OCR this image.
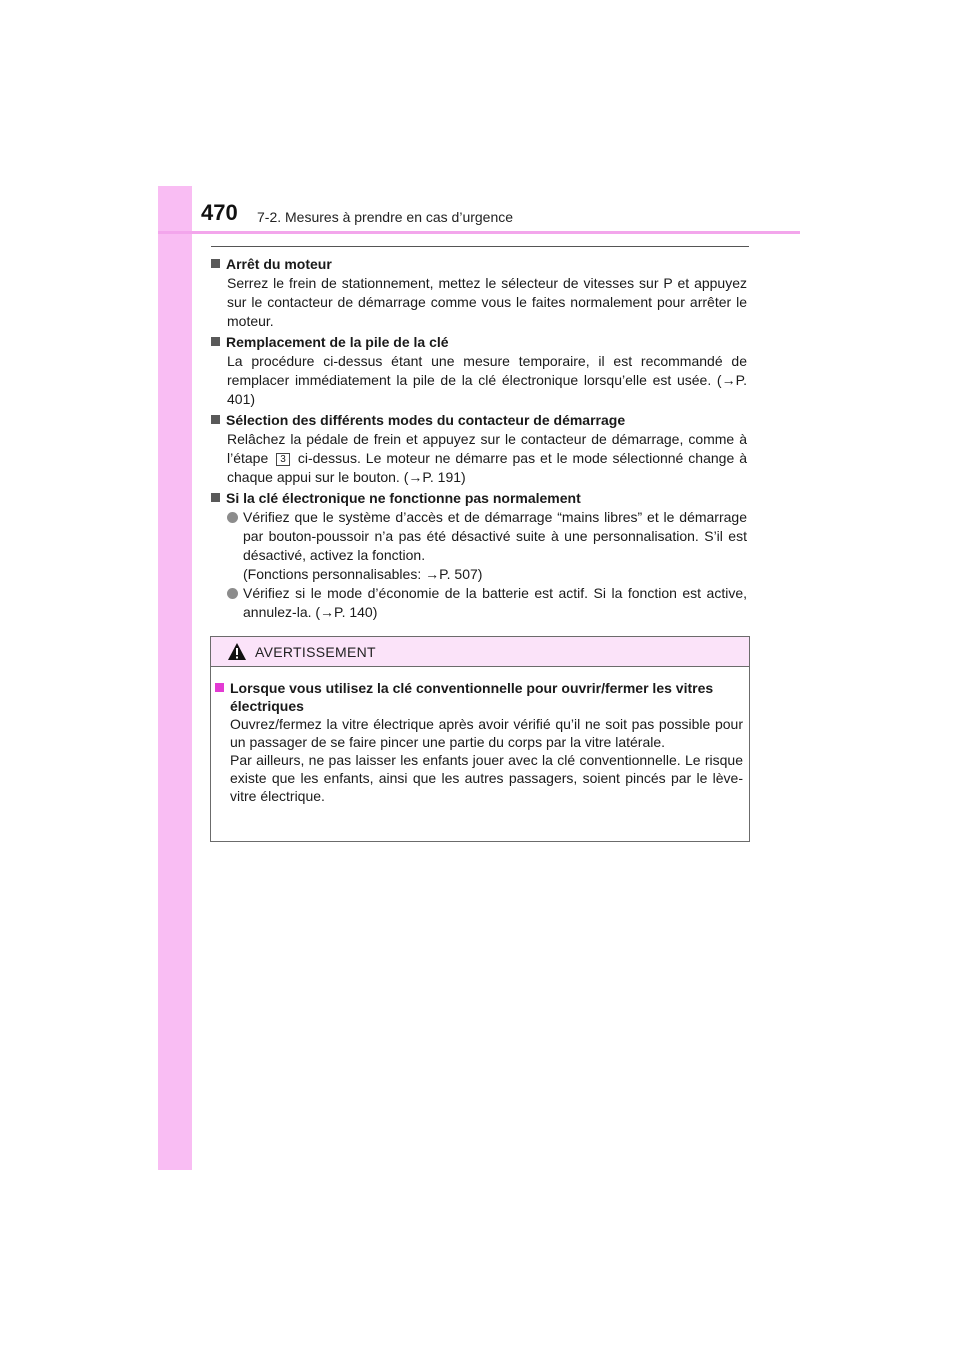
470 7-2. Mesures à prendre en cas d’urgence
Arrêt du moteur
Serrez le frein de stationnement, mettez le sélecteur de vitesses sur P et appuyez sur le contacteur de démarrage comme vous le faites normalement pour arrêter le moteur.
Remplacement de la pile de la clé
La procédure ci-dessus étant une mesure temporaire, il est recommandé de remplacer immédiatement la pile de la clé électronique lorsqu’elle est usée. (→P. 401)
Sélection des différents modes du contacteur de démarrage
Relâchez la pédale de frein et appuyez sur le contacteur de démarrage, comme à l’étape 3 ci-dessus. Le moteur ne démarre pas et le mode sélectionné change à chaque appui sur le bouton. (→P. 191)
Si la clé électronique ne fonctionne pas normalement
Vérifiez que le système d’accès et de démarrage “mains libres” et le démarrage par bouton-poussoir n’a pas été désactivé suite à une personnalisation. S’il est désactivé, activez la fonction.
(Fonctions personnalisables: →P. 507)
Vérifiez si le mode d’économie de la batterie est actif. Si la fonction est active, annulez-la. (→P. 140)
AVERTISSEMENT
Lorsque vous utilisez la clé conventionnelle pour ouvrir/fermer les vitres électriques
Ouvrez/fermez la vitre électrique après avoir vérifié qu’il ne soit pas possible pour un passager de se faire pincer une partie du corps par la vitre latérale.
Par ailleurs, ne pas laisser les enfants jouer avec la clé conventionnelle. Le risque existe que les enfants, ainsi que les autres passagers, soient pincés par le lève-vitre électrique.
